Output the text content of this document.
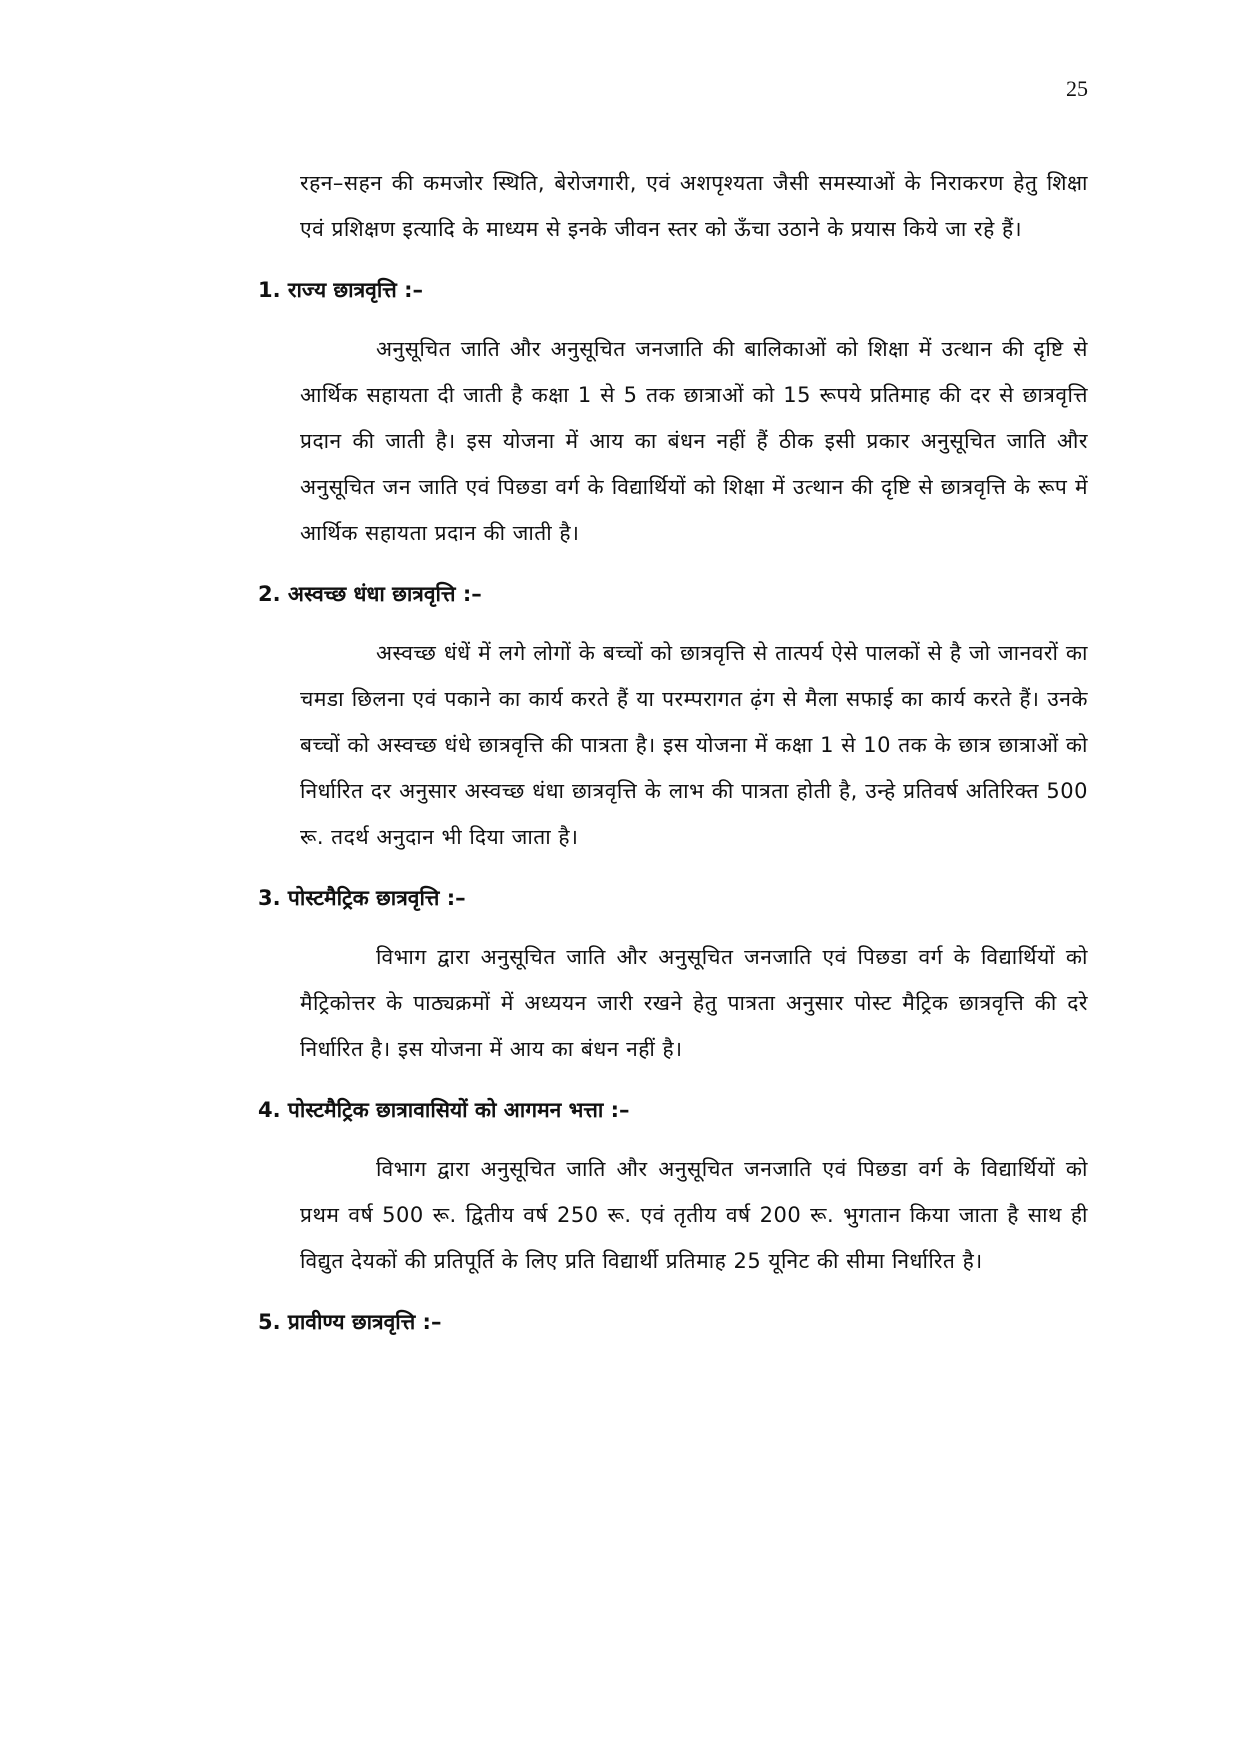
25

रहन–सहन की कमजोर स्थिति, बेरोजगारी, एवं अशपृश्यता जैसी समस्याओं के निराकरण हेतु शिक्षा एवं प्रशिक्षण इत्यादि के माध्यम से इनके जीवन स्तर को ऊँचा उठाने के प्रयास किये जा रहे हैं।

1. राज्य छात्रवृत्ति :–

अनुसूचित जाति और अनुसूचित जनजाति की बालिकाओं को शिक्षा में उत्थान की दृष्टि से आर्थिक सहायता दी जाती है कक्षा 1 से 5 तक छात्राओं को 15 रूपये प्रतिमाह की दर से छात्रवृत्ति प्रदान की जाती है। इस योजना में आय का बंधन नहीं हैं ठीक इसी प्रकार अनुसूचित जाति और अनुसूचित जन जाति एवं पिछडा वर्ग के विद्यार्थियों को शिक्षा में उत्थान की दृष्टि से छात्रवृत्ति के रूप में आर्थिक सहायता प्रदान की जाती है।

2. अस्वच्छ धंधा छात्रवृत्ति :–

अस्वच्छ धंधें में लगे लोगों के बच्चों को छात्रवृत्ति से तात्पर्य ऐसे पालकों से है जो जानवरों का चमडा छिलना एवं पकाने का कार्य करते हैं या परम्परागत ढ़ंग से मैला सफाई का कार्य करते हैं। उनके बच्चों को अस्वच्छ धंधे छात्रवृत्ति की पात्रता है। इस योजना में कक्षा 1 से 10 तक के छात्र छात्राओं को निर्धारित दर अनुसार अस्वच्छ धंधा छात्रवृत्ति के लाभ की पात्रता होती है, उन्हे प्रतिवर्ष अतिरिक्त 500 रू. तदर्थ अनुदान भी दिया जाता है।

3. पोस्टमैट्रिक छात्रवृत्ति :–

विभाग द्वारा अनुसूचित जाति और अनुसूचित जनजाति एवं पिछडा वर्ग के विद्यार्थियों को मैट्रिकोत्तर के पाठ्यक्रमों में अध्ययन जारी रखने हेतु पात्रता अनुसार पोस्ट मैट्रिक छात्रवृत्ति की दरे निर्धारित है। इस योजना में आय का बंधन नहीं है।

4. पोस्टमैट्रिक छात्रावासियों को आगमन भत्ता :–

विभाग द्वारा अनुसूचित जाति और अनुसूचित जनजाति एवं पिछडा वर्ग के विद्यार्थियों को प्रथम वर्ष 500 रू. द्वितीय वर्ष 250 रू. एवं तृतीय वर्ष 200 रू. भुगतान किया जाता है साथ ही विद्युत देयकों की प्रतिपूर्ति के लिए प्रति विद्यार्थी प्रतिमाह 25 यूनिट की सीमा निर्धारित है।

5. प्रावीण्य छात्रवृत्ति :–
